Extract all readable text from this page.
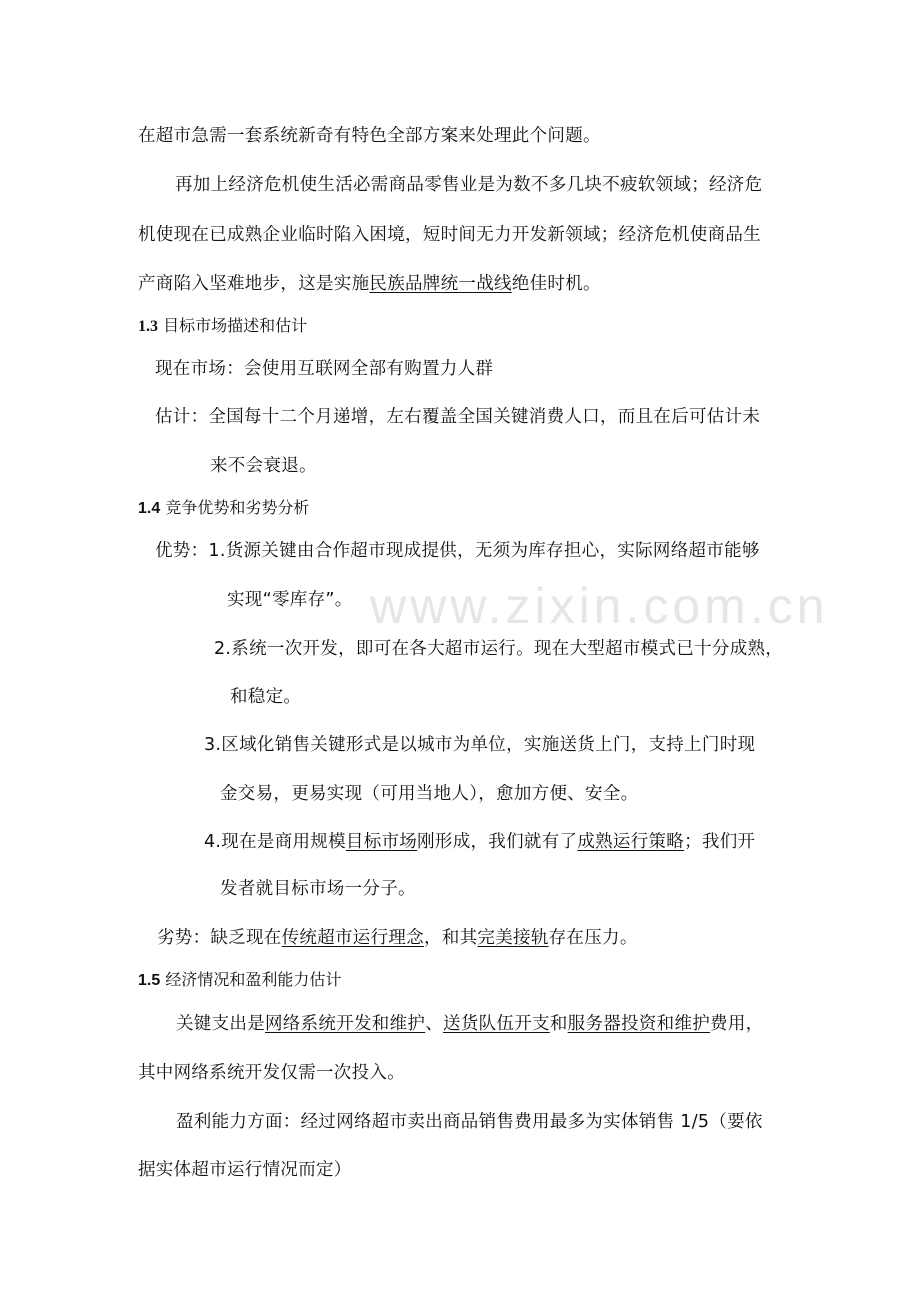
www.zixin.com.cn
在超市急需一套系统新奇有特色全部方案来处理此个问题。
再加上经济危机使生活必需商品零售业是为数不多几块不疲软领域；经济危
机使现在已成熟企业临时陷入困境，短时间无力开发新领域；经济危机使商品生
产商陷入坚难地步，这是实施民族品牌统一战线绝佳时机。
1.3 目标市场描述和估计
现在市场：会使用互联网全部有购置力人群
估计：全国每十二个月递增，左右覆盖全国关键消费人口，而且在后可估计未
来不会衰退。
1.4 竞争优势和劣势分析
优势：1.货源关键由合作超市现成提供，无须为库存担心，实际网络超市能够
实现“零库存”。
2.系统一次开发，即可在各大超市运行。现在大型超市模式已十分成熟，
和稳定。
3.区域化销售关键形式是以城市为单位，实施送货上门，支持上门时现
金交易，更易实现（可用当地人），愈加方便、安全。
4.现在是商用规模目标市场刚形成，我们就有了成熟运行策略；我们开
发者就目标市场一分子。
劣势：缺乏现在传统超市运行理念，和其完美接轨存在压力。
1.5 经济情况和盈利能力估计
关键支出是网络系统开发和维护、送货队伍开支和服务器投资和维护费用，
其中网络系统开发仅需一次投入。
盈利能力方面：经过网络超市卖出商品销售费用最多为实体销售 1/5（要依
据实体超市运行情况而定）
